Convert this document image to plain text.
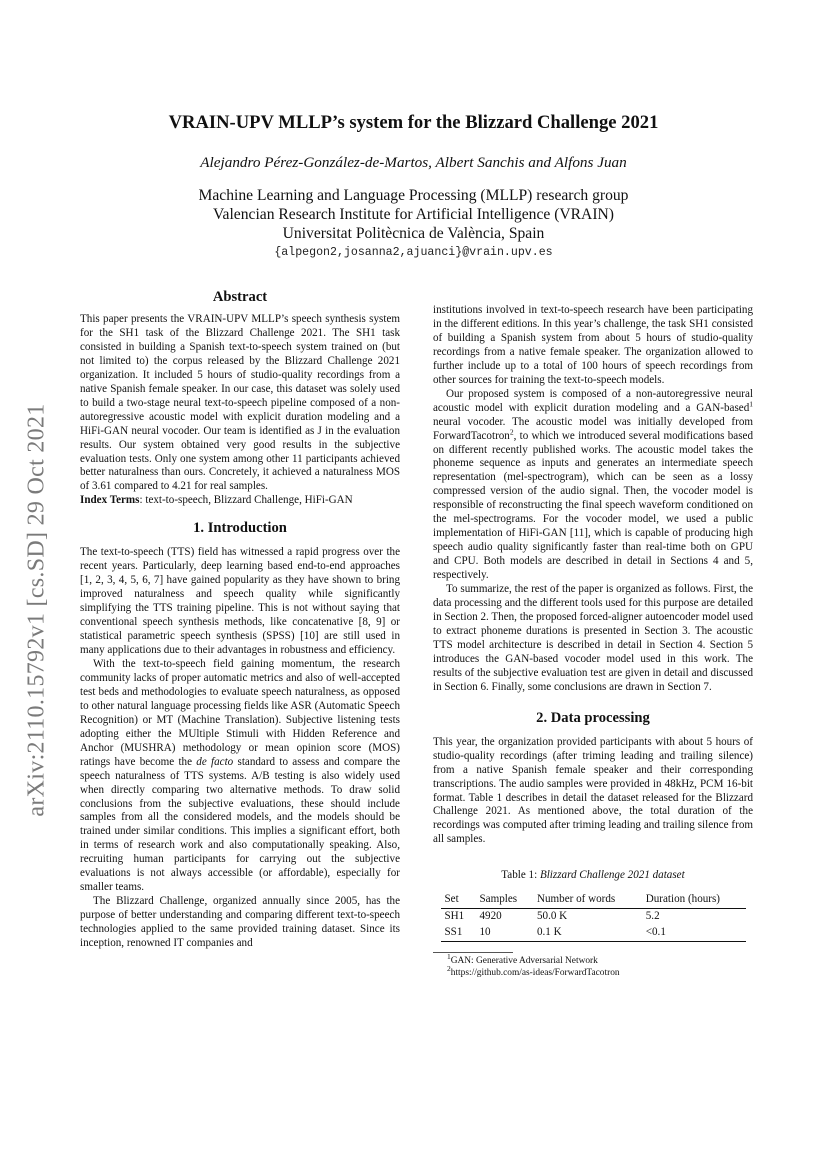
arXiv:2110.15792v1 [cs.SD] 29 Oct 2021
VRAIN-UPV MLLP’s system for the Blizzard Challenge 2021
Alejandro Pérez-González-de-Martos, Albert Sanchis and Alfons Juan
Machine Learning and Language Processing (MLLP) research group
Valencian Research Institute for Artificial Intelligence (VRAIN)
Universitat Politècnica de València, Spain
{alpegon2,josanna2,ajuanci}@vrain.upv.es
Abstract

This paper presents the VRAIN-UPV MLLP’s speech synthesis system for the SH1 task of the Blizzard Challenge 2021. The SH1 task consisted in building a Spanish text-to-speech system trained on (but not limited to) the corpus released by the Blizzard Challenge 2021 organization. It included 5 hours of studio-quality recordings from a native Spanish female speaker. In our case, this dataset was solely used to build a two-stage neural text-to-speech pipeline composed of a non-autoregressive acoustic model with explicit duration modeling and a HiFi-GAN neural vocoder. Our team is identified as J in the evaluation results. Our system obtained very good results in the subjective evaluation tests. Only one system among other 11 participants achieved better naturalness than ours. Concretely, it achieved a naturalness MOS of 3.61 compared to 4.21 for real samples.

Index Terms: text-to-speech, Blizzard Challenge, HiFi-GAN

1. Introduction

The text-to-speech (TTS) field has witnessed a rapid progress over the recent years. Particularly, deep learning based end-to-end approaches [1, 2, 3, 4, 5, 6, 7] have gained popularity as they have shown to bring improved naturalness and speech quality while significantly simplifying the TTS training pipeline. This is not without saying that conventional speech synthesis methods, like concatenative [8, 9] or statistical parametric speech synthesis (SPSS) [10] are still used in many applications due to their advantages in robustness and efficiency.

With the text-to-speech field gaining momentum, the research community lacks of proper automatic metrics and also of well-accepted test beds and methodologies to evaluate speech naturalness, as opposed to other natural language processing fields like ASR (Automatic Speech Recognition) or MT (Machine Translation). Subjective listening tests adopting either the MUltiple Stimuli with Hidden Reference and Anchor (MUSHRA) methodology or mean opinion score (MOS) ratings have become the de facto standard to assess and compare the speech naturalness of TTS systems. A/B testing is also widely used when directly comparing two alternative methods. To draw solid conclusions from the subjective evaluations, these should include samples from all the considered models, and the models should be trained under similar conditions. This implies a significant effort, both in terms of research work and also computationally speaking. Also, recruiting human participants for carrying out the subjective evaluations is not always accessible (or affordable), especially for smaller teams.

The Blizzard Challenge, organized annually since 2005, has the purpose of better understanding and comparing different text-to-speech technologies applied to the same provided training dataset. Since its inception, renowned IT companies and

institutions involved in text-to-speech research have been participating in the different editions. In this year’s challenge, the task SH1 consisted of building a Spanish system from about 5 hours of studio-quality recordings from a native female speaker. The organization allowed to further include up to a total of 100 hours of speech recordings from other sources for training the text-to-speech models.

Our proposed system is composed of a non-autoregressive neural acoustic model with explicit duration modeling and a GAN-based$^1$ neural vocoder. The acoustic model was initially developed from ForwardTacotron$^2$, to which we introduced several modifications based on different recently published works. The acoustic model takes the phoneme sequence as inputs and generates an intermediate speech representation (mel-spectrogram), which can be seen as a lossy compressed version of the audio signal. Then, the vocoder model is responsible of reconstructing the final speech waveform conditioned on the mel-spectrograms. For the vocoder model, we used a public implementation of HiFi-GAN [11], which is capable of producing high speech audio quality significantly faster than real-time both on GPU and CPU. Both models are described in detail in Sections 4 and 5, respectively.

To summarize, the rest of the paper is organized as follows. First, the data processing and the different tools used for this purpose are detailed in Section 2. Then, the proposed forced-aligner autoencoder model used to extract phoneme durations is presented in Section 3. The acoustic TTS model architecture is described in detail in Section 4. Section 5 introduces the GAN-based vocoder model used in this work. The results of the subjective evaluation test are given in detail and discussed in Section 6. Finally, some conclusions are drawn in Section 7.

2. Data processing

This year, the organization provided participants with about 5 hours of studio-quality recordings (after triming leading and trailing silence) from a native Spanish female speaker and their corresponding transcriptions. The audio samples were provided in 48kHz, PCM 16-bit format. Table 1 describes in detail the dataset released for the Blizzard Challenge 2021. As mentioned above, the total duration of the recordings was computed after triming leading and trailing silence from all samples.

Table 1: Blizzard Challenge 2021 dataset
Set	Samples	Number of words	Duration (hours)
SH1	4920	50.0 K	5.2
SS1	10	0.1 K	<0.1
$^1$GAN: Generative Adversarial Network
$^2$https://github.com/as-ideas/ForwardTacotron
